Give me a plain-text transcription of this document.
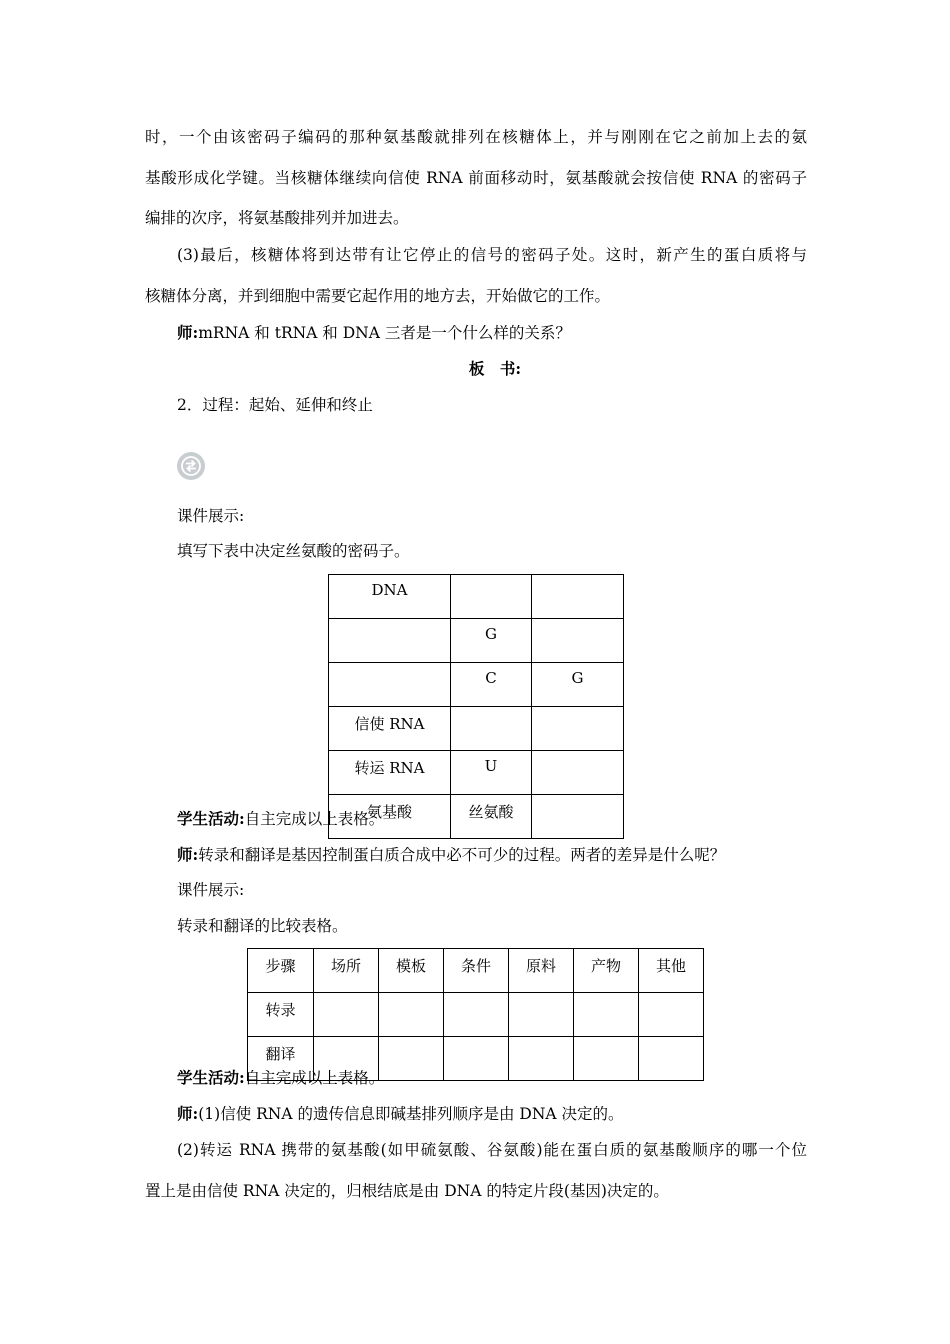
时，一个由该密码子编码的那种氨基酸就排列在核糖体上，并与刚刚在它之前加上去的氨
基酸形成化学键。当核糖体继续向信使 RNA 前面移动时，氨基酸就会按信使 RNA 的密码子
编排的次序，将氨基酸排列并加进去。
(3)最后，核糖体将到达带有让它停止的信号的密码子处。这时，新产生的蛋白质将与
核糖体分离，并到细胞中需要它起作用的地方去，开始做它的工作。
师:mRNA 和 tRNA 和 DNA 三者是一个什么样的关系？
板　书:
2．过程：起始、延伸和终止
课件展示:
填写下表中决定丝氨酸的密码子。
DNA		
	G	
	C	G
信使 RNA		
转运 RNA	U	
氨基酸	丝氨酸	
学生活动:自主完成以上表格。
师:转录和翻译是基因控制蛋白质合成中必不可少的过程。两者的差异是什么呢？
课件展示:
转录和翻译的比较表格。
步骤	场所	模板	条件	原料	产物	其他
转录						
翻译						
学生活动:自主完成以上表格。
师:(1)信使 RNA 的遗传信息即碱基排列顺序是由 DNA 决定的。
(2)转运 RNA 携带的氨基酸(如甲硫氨酸、谷氨酸)能在蛋白质的氨基酸顺序的哪一个位
置上是由信使 RNA 决定的，归根结底是由 DNA 的特定片段(基因)决定的。
